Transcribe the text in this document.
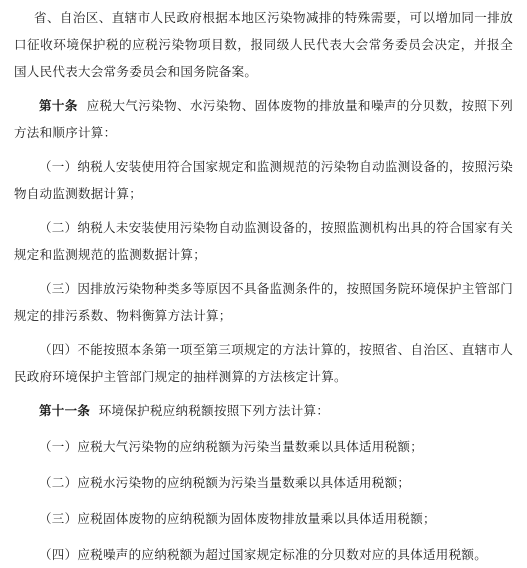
省、自治区、直辖市人民政府根据本地区污染物减排的特殊需要，可以增加同一排放口征收环境保护税的应税污染物项目数，报同级人民代表大会常务委员会决定，并报全国人民代表大会常务委员会和国务院备案。

第十条 应税大气污染物、水污染物、固体废物的排放量和噪声的分贝数，按照下列方法和顺序计算：

（一）纳税人安装使用符合国家规定和监测规范的污染物自动监测设备的，按照污染物自动监测数据计算；

（二）纳税人未安装使用污染物自动监测设备的，按照监测机构出具的符合国家有关规定和监测规范的监测数据计算；

（三）因排放污染物种类多等原因不具备监测条件的，按照国务院环境保护主管部门规定的排污系数、物料衡算方法计算；

（四）不能按照本条第一项至第三项规定的方法计算的，按照省、自治区、直辖市人民政府环境保护主管部门规定的抽样测算的方法核定计算。

第十一条 环境保护税应纳税额按照下列方法计算：

（一）应税大气污染物的应纳税额为污染当量数乘以具体适用税额；

（二）应税水污染物的应纳税额为污染当量数乘以具体适用税额；

（三）应税固体废物的应纳税额为固体废物排放量乘以具体适用税额；

（四）应税噪声的应纳税额为超过国家规定标准的分贝数对应的具体适用税额。
